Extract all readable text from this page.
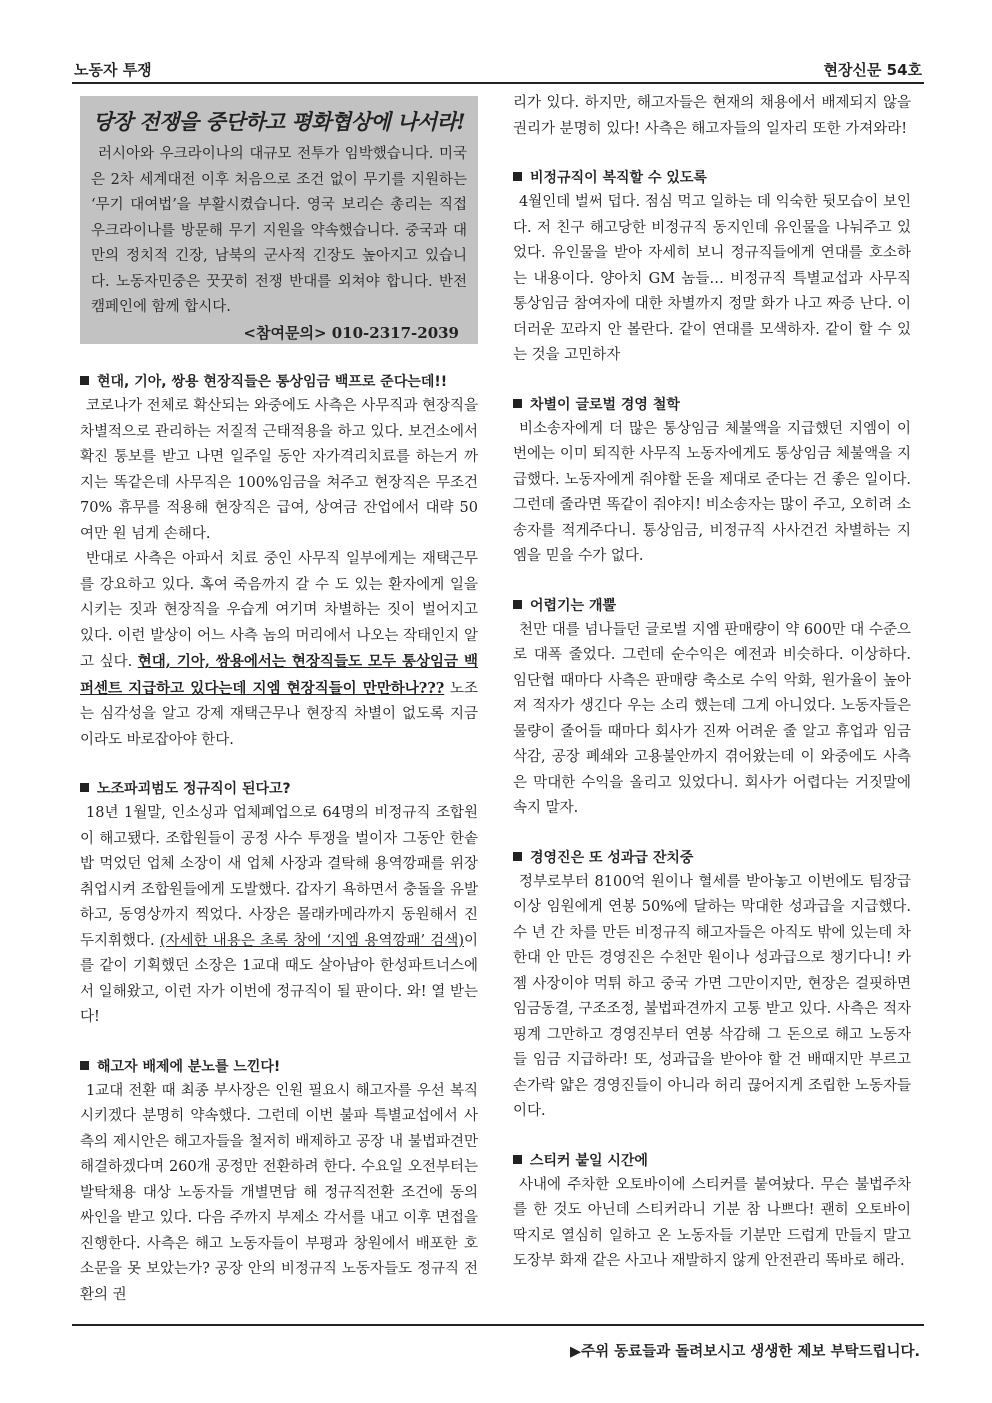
노동자 투쟁	현장신문 54호
당장 전쟁을 중단하고 평화협상에 나서라!
러시아와 우크라이나의 대규모 전투가 임박했습니다. 미국은 2차 세계대전 이후 처음으로 조건 없이 무기를 지원하는 ‘무기 대여법’을 부활시켰습니다. 영국 보리슨 총리는 직접 우크라이나를 방문해 무기 지원을 약속했습니다. 중국과 대만의 정치적 긴장, 남북의 군사적 긴장도 높아지고 있습니다. 노동자민중은 꿋꿋히 전쟁 반대를 외쳐야 합니다. 반전 캠페인에 함께 합시다.
<참여문의> 010-2317-2039

현대, 기아, 쌍용 현장직들은 통상임금 백프로 준다는데!!

코로나가 전체로 확산되는 와중에도 사측은 사무직과 현장직을 차별적으로 관리하는 저질적 근태적용을 하고 있다. 보건소에서 확진 통보를 받고 나면 일주일 동안 자가격리치료를 하는거 까지는 똑같은데 사무직은 100%임금을 쳐주고 현장직은 무조건 70% 휴무를 적용해 현장직은 급여, 상여금 잔업에서 대략 50여만 원 넘게 손해다.

반대로 사측은 아파서 치료 중인 사무직 일부에게는 재택근무를 강요하고 있다. 혹여 죽음까지 갈 수 도 있는 환자에게 일을 시키는 짓과 현장직을 우습게 여기며 차별하는 짓이 벌어지고 있다. 이런 발상이 어느 사측 놈의 머리에서 나오는 작태인지 알고 싶다. 현대, 기아, 쌍용에서는 현장직들도 모두 통상임금 백퍼센트 지급하고 있다는데 지엠 현장직들이 만만하나??? 노조는 심각성을 알고 강제 재택근무나 현장직 차별이 없도록 지금이라도 바로잡아야 한다.

노조파괴범도 정규직이 된다고?

18년 1월말, 인소싱과 업체폐업으로 64명의 비정규직 조합원이 해고됐다. 조합원들이 공정 사수 투쟁을 벌이자 그동안 한솥밥 먹었던 업체 소장이 새 업체 사장과 결탁해 용역깡패를 위장취업시켜 조합원들에게 도발했다. 갑자기 욕하면서 충돌을 유발하고, 동영상까지 찍었다. 사장은 몰래카메라까지 동원해서 진두지휘했다. (자세한 내용은 초록 창에 ‘지엠 용역깡패’ 검색)이를 같이 기획했던 소장은 1교대 때도 살아남아 한성파트너스에서 일해왔고, 이런 자가 이번에 정규직이 될 판이다. 와! 열 받는다!

해고자 배제에 분노를 느낀다!

1교대 전환 때 최종 부사장은 인원 필요시 해고자를 우선 복직시키겠다 분명히 약속했다. 그런데 이번 불파 특별교섭에서 사측의 제시안은 해고자들을 철저히 배제하고 공장 내 불법파견만 해결하겠다며 260개 공정만 전환하려 한다. 수요일 오전부터는 발탁채용 대상 노동자들 개별면담 해 정규직전환 조건에 동의 싸인을 받고 있다. 다음 주까지 부제소 각서를 내고 이후 면접을 진행한다. 사측은 해고 노동자들이 부평과 창원에서 배포한 호소문을 못 보았는가? 공장 안의 비정규직 노동자들도 정규직 전환의 권

리가 있다. 하지만, 해고자들은 현재의 채용에서 배제되지 않을 권리가 분명히 있다! 사측은 해고자들의 일자리 또한 가져와라!

비정규직이 복직할 수 있도록

4월인데 벌써 덥다. 점심 먹고 일하는 데 익숙한 뒷모습이 보인다. 저 친구 해고당한 비정규직 동지인데 유인물을 나눠주고 있었다. 유인물을 받아 자세히 보니 정규직들에게 연대를 호소하는 내용이다. 양아치 GM 놈들… 비정규직 특별교섭과 사무직 통상임금 참여자에 대한 차별까지 정말 화가 나고 짜증 난다. 이 더러운 꼬라지 안 볼란다. 같이 연대를 모색하자. 같이 할 수 있는 것을 고민하자

차별이 글로벌 경영 철학

비소송자에게 더 많은 통상임금 체불액을 지급했던 지엠이 이번에는 이미 퇴직한 사무직 노동자에게도 통상임금 체불액을 지급했다. 노동자에게 줘야할 돈을 제대로 준다는 건 좋은 일이다. 그런데 줄라면 똑같이 줘야지! 비소송자는 많이 주고, 오히려 소송자를 적게주다니. 통상임금, 비정규직 사사건건 차별하는 지엠을 믿을 수가 없다.

어렵기는 개뿔

천만 대를 넘나들던 글로벌 지엠 판매량이 약 600만 대 수준으로 대폭 줄었다. 그런데 순수익은 예전과 비슷하다. 이상하다. 임단협 때마다 사측은 판매량 축소로 수익 악화, 원가율이 높아져 적자가 생긴다 우는 소리 했는데 그게 아니었다. 노동자들은 물량이 줄어들 때마다 회사가 진짜 어려운 줄 알고 휴업과 임금 삭감, 공장 폐쇄와 고용불안까지 겪어왔는데 이 와중에도 사측은 막대한 수익을 올리고 있었다니. 회사가 어렵다는 거짓말에 속지 말자.

경영진은 또 성과급 잔치중

정부로부터 8100억 원이나 혈세를 받아놓고 이번에도 팀장급 이상 임원에게 연봉 50%에 달하는 막대한 성과급을 지급했다. 수 년 간 차를 만든 비정규직 해고자들은 아직도 밖에 있는데 차 한대 안 만든 경영진은 수천만 원이나 성과급으로 챙기다니! 카젬 사장이야 먹튀 하고 중국 가면 그만이지만, 현장은 걸핏하면 임금동결, 구조조정, 불법파견까지 고통 받고 있다. 사측은 적자 핑계 그만하고 경영진부터 연봉 삭감해 그 돈으로 해고 노동자들 임금 지급하라! 또, 성과급을 받아야 할 건 배때지만 부르고 손가락 얇은 경영진들이 아니라 허리 끊어지게 조립한 노동자들이다.

스티커 붙일 시간에

사내에 주차한 오토바이에 스티커를 붙여놨다. 무슨 불법주차를 한 것도 아닌데 스티커라니 기분 참 나쁘다! 괜히 오토바이 딱지로 열심히 일하고 온 노동자들 기분만 드럽게 만들지 말고 도장부 화재 같은 사고나 재발하지 않게 안전관리 똑바로 해라.

▶주위 동료들과 돌려보시고 생생한 제보 부탁드립니다.
